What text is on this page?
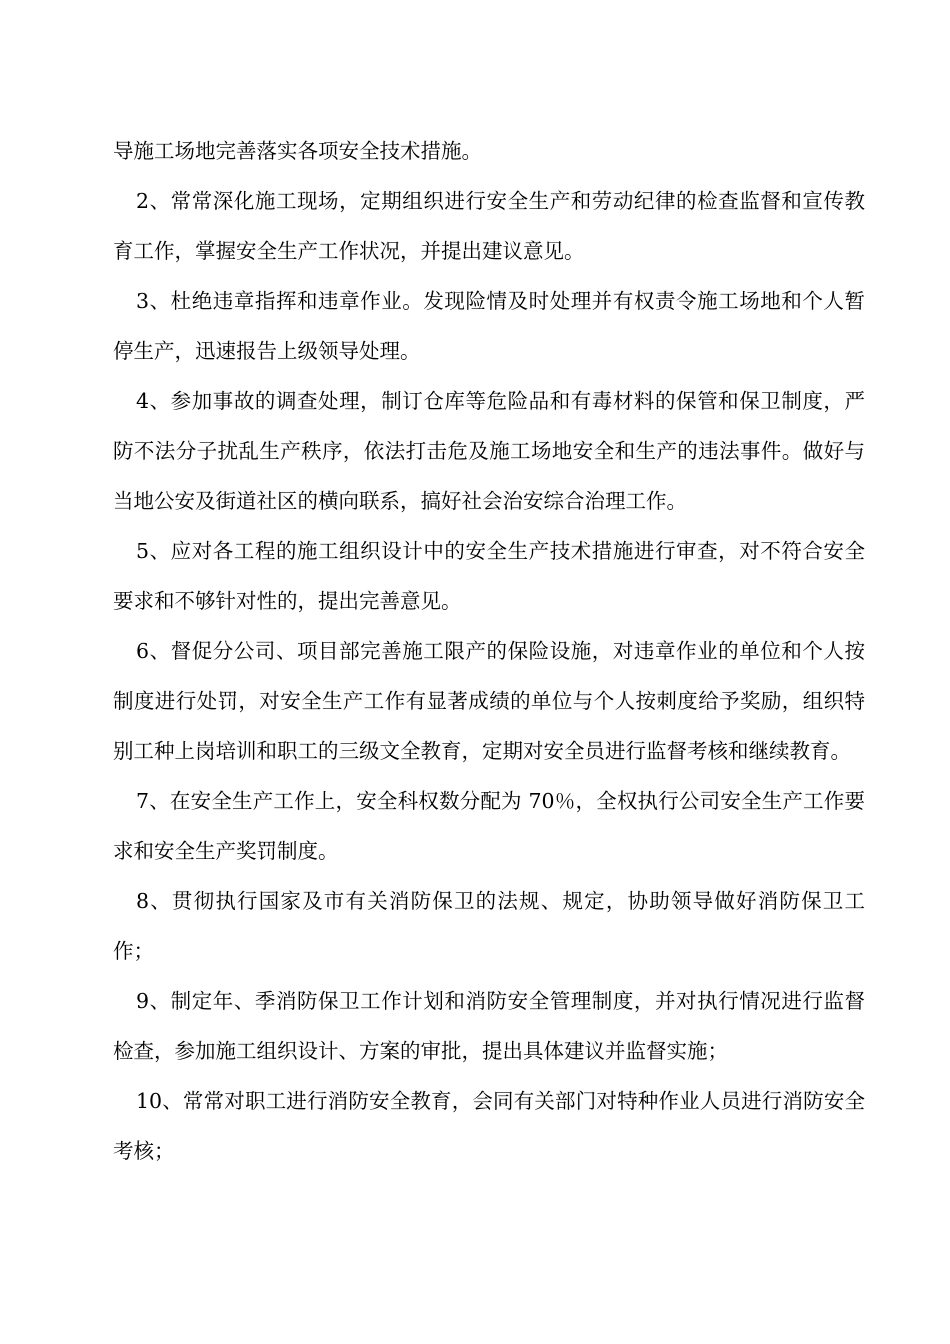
导施工场地完善落实各项安全技术措施。

2、常常深化施工现场，定期组织进行安全生产和劳动纪律的检查监督和宣传教育工作，掌握安全生产工作状况，并提出建议意见。

3、杜绝违章指挥和违章作业。发现险情及时处理并有权责令施工场地和个人暂停生产，迅速报告上级领导处理。

4、参加事故的调查处理，制订仓库等危险品和有毒材料的保管和保卫制度，严防不法分子扰乱生产秩序，依法打击危及施工场地安全和生产的违法事件。做好与当地公安及街道社区的横向联系，搞好社会治安综合治理工作。

5、应对各工程的施工组织设计中的安全生产技术措施进行审查，对不符合安全要求和不够针对性的，提出完善意见。

6、督促分公司、项目部完善施工限产的保险设施，对违章作业的单位和个人按制度进行处罚，对安全生产工作有显著成绩的单位与个人按刺度给予奖励，组织特别工种上岗培训和职工的三级文全教育，定期对安全员进行监督考核和继续教育。

7、在安全生产工作上，安全科权数分配为 70％，全权执行公司安全生产工作要求和安全生产奖罚制度。

8、贯彻执行国家及市有关消防保卫的法规、规定，协助领导做好消防保卫工作；

9、制定年、季消防保卫工作计划和消防安全管理制度，并对执行情况进行监督检查，参加施工组织设计、方案的审批，提出具体建议并监督实施；

10、常常对职工进行消防安全教育，会同有关部门对特种作业人员进行消防安全考核；
